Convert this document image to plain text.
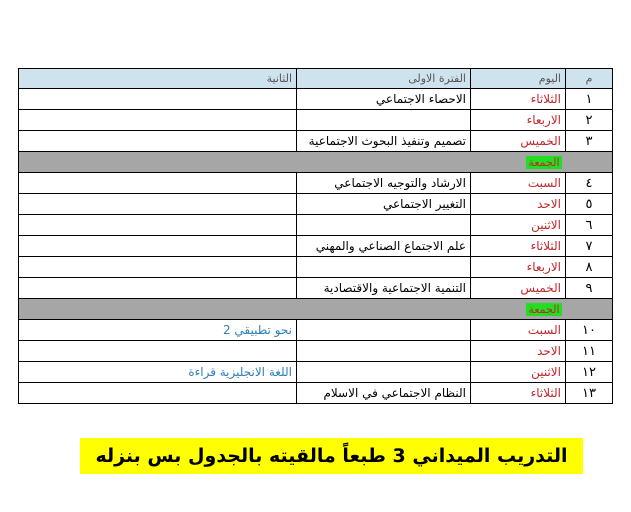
م	اليوم	الفترة الاولى	الثانية
١	الثلاثاء	الاحصاء الاجتماعي	
٢	الاربعاء		
٣	الخميس	تصميم وتنفيذ البحوث الاجتماعية	
	الجمعة		
٤	السبت	الارشاد والتوجيه الاجتماعي	
٥	الاحد	التغيير الاجتماعي	
٦	الاثنين		
٧	الثلاثاء	علم الاجتماع الصناعي والمهني	
٨	الاربعاء		
٩	الخميس	التنمية الاجتماعية والاقتصادية	
	الجمعة		
١٠	السبت		نحو تطبيقي 2
١١	الاحد		
١٢	الاثنين		اللغة الانجليزية قراءة
١٣	الثلاثاء	النظام الاجتماعي في الاسلام	
التدريب الميداني 3 طبعاً مالقيته بالجدول بس بنزله
